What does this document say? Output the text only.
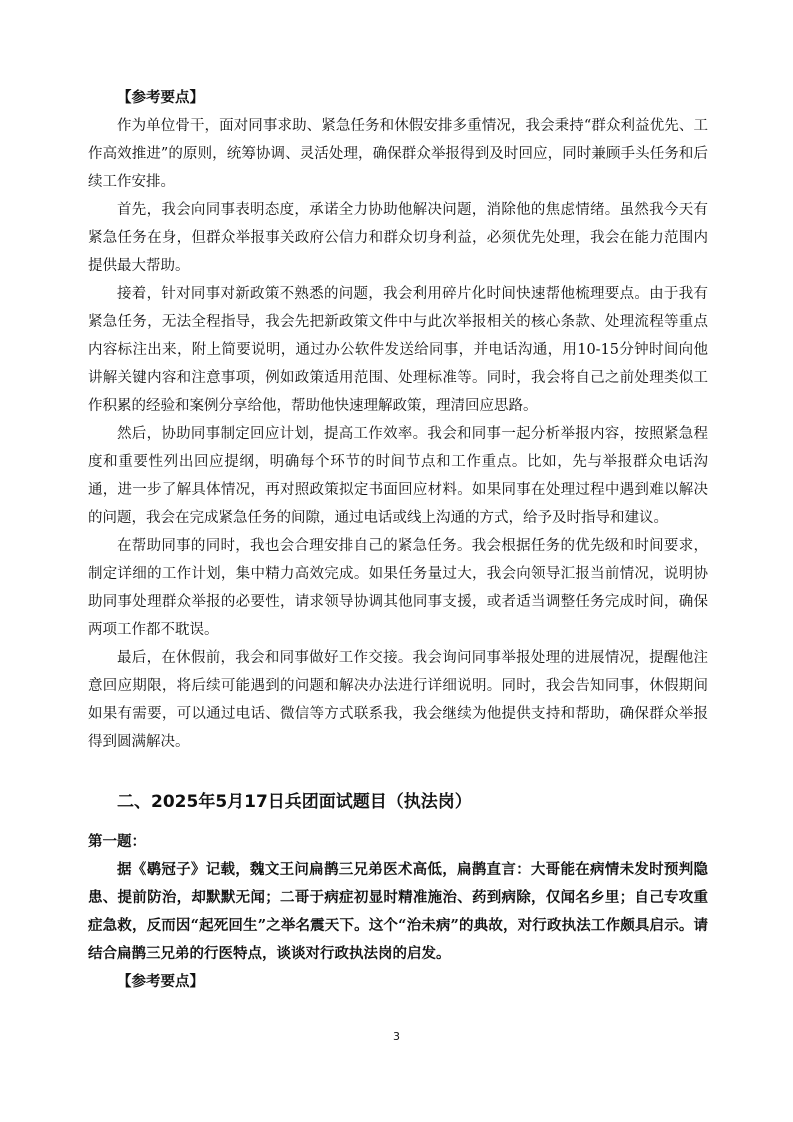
【参考要点】

作为单位骨干，面对同事求助、紧急任务和休假安排多重情况，我会秉持“群众利益优先、工作高效推进”的原则，统筹协调、灵活处理，确保群众举报得到及时回应，同时兼顾手头任务和后续工作安排。

首先，我会向同事表明态度，承诺全力协助他解决问题，消除他的焦虑情绪。虽然我今天有紧急任务在身，但群众举报事关政府公信力和群众切身利益，必须优先处理，我会在能力范围内提供最大帮助。

接着，针对同事对新政策不熟悉的问题，我会利用碎片化时间快速帮他梳理要点。由于我有紧急任务，无法全程指导，我会先把新政策文件中与此次举报相关的核心条款、处理流程等重点内容标注出来，附上简要说明，通过办公软件发送给同事，并电话沟通，用10-15分钟时间向他讲解关键内容和注意事项，例如政策适用范围、处理标准等。同时，我会将自己之前处理类似工作积累的经验和案例分享给他，帮助他快速理解政策，理清回应思路。

然后，协助同事制定回应计划，提高工作效率。我会和同事一起分析举报内容，按照紧急程度和重要性列出回应提纲，明确每个环节的时间节点和工作重点。比如，先与举报群众电话沟通，进一步了解具体情况，再对照政策拟定书面回应材料。如果同事在处理过程中遇到难以解决的问题，我会在完成紧急任务的间隙，通过电话或线上沟通的方式，给予及时指导和建议。

在帮助同事的同时，我也会合理安排自己的紧急任务。我会根据任务的优先级和时间要求，制定详细的工作计划，集中精力高效完成。如果任务量过大，我会向领导汇报当前情况，说明协助同事处理群众举报的必要性，请求领导协调其他同事支援，或者适当调整任务完成时间，确保两项工作都不耽误。

最后，在休假前，我会和同事做好工作交接。我会询问同事举报处理的进展情况，提醒他注意回应期限，将后续可能遇到的问题和解决办法进行详细说明。同时，我会告知同事，休假期间如果有需要，可以通过电话、微信等方式联系我，我会继续为他提供支持和帮助，确保群众举报得到圆满解决。

二、2025年5月17日兵团面试题目（执法岗）
第一题：

据《鹖冠子》记载，魏文王问扁鹊三兄弟医术高低，扁鹊直言：大哥能在病情未发时预判隐患、提前防治，却默默无闻；二哥于病症初显时精准施治、药到病除，仅闻名乡里；自己专攻重症急救，反而因“起死回生”之举名震天下。这个“治未病”的典故，对行政执法工作颇具启示。请结合扁鹊三兄弟的行医特点，谈谈对行政执法岗的启发。

【参考要点】
3
